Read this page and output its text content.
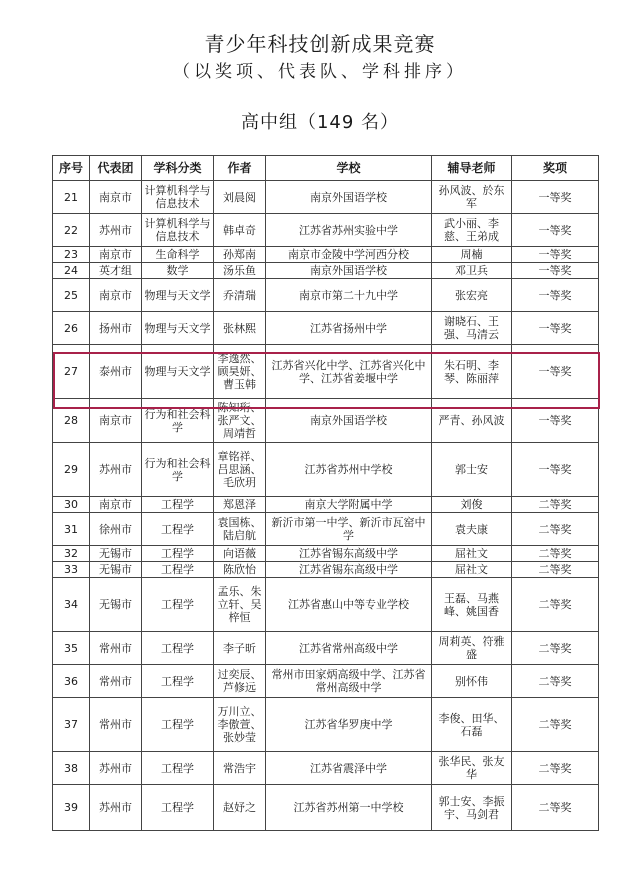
青少年科技创新成果竞赛
（以奖项、代表队、学科排序）
高中组（149 名）
序号	代表团	学科分类	作者	学校	辅导老师	奖项
21	南京市	计算机科学与信息技术	刘晨阅	南京外国语学校	孙风波、於东军	一等奖
22	苏州市	计算机科学与信息技术	韩卓奇	江苏省苏州实验中学	武小丽、李慈、王弟成	一等奖
23	南京市	生命科学	孙郑南	南京市金陵中学河西分校	周楠	一等奖
24	英才组	数学	汤乐鱼	南京外国语学校	邓卫兵	一等奖
25	南京市	物理与天文学	乔清瑞	南京市第二十九中学	张宏亮	一等奖
26	扬州市	物理与天文学	张林熙	江苏省扬州中学	谢晓石、王强、马清云	一等奖
27	泰州市	物理与天文学	李逸然、顾昊妍、曹玉韩	江苏省兴化中学、江苏省兴化中学、江苏省姜堰中学	朱石明、李琴、陈丽萍	一等奖
28	南京市	行为和社会科学	陈知珩、张严文、周靖哲	南京外国语学校	严青、孙风波	一等奖
29	苏州市	行为和社会科学	章铭祥、吕思涵、毛欣玥	江苏省苏州中学校	郭士安	一等奖
30	南京市	工程学	郑恩泽	南京大学附属中学	刘俊	二等奖
31	徐州市	工程学	袁国栋、陆启航	新沂市第一中学、新沂市瓦窑中学	袁夫康	二等奖
32	无锡市	工程学	向语薇	江苏省锡东高级中学	屈社文	二等奖
33	无锡市	工程学	陈欣怡	江苏省锡东高级中学	屈社文	二等奖
34	无锡市	工程学	孟乐、朱立轩、吴梓恒	江苏省惠山中等专业学校	王磊、马燕峰、姚国香	二等奖
35	常州市	工程学	李子昕	江苏省常州高级中学	周莉英、符雅盛	二等奖
36	常州市	工程学	过奕辰、芦修远	常州市田家炳高级中学、江苏省常州高级中学	别怀伟	二等奖
37	常州市	工程学	万川立、李傲萱、张妙莹	江苏省华罗庚中学	李俊、田华、石磊	二等奖
38	苏州市	工程学	常浩宇	江苏省震泽中学	张华民、张友华	二等奖
39	苏州市	工程学	赵妤之	江苏省苏州第一中学校	郭士安、李振宇、马剑君	二等奖
